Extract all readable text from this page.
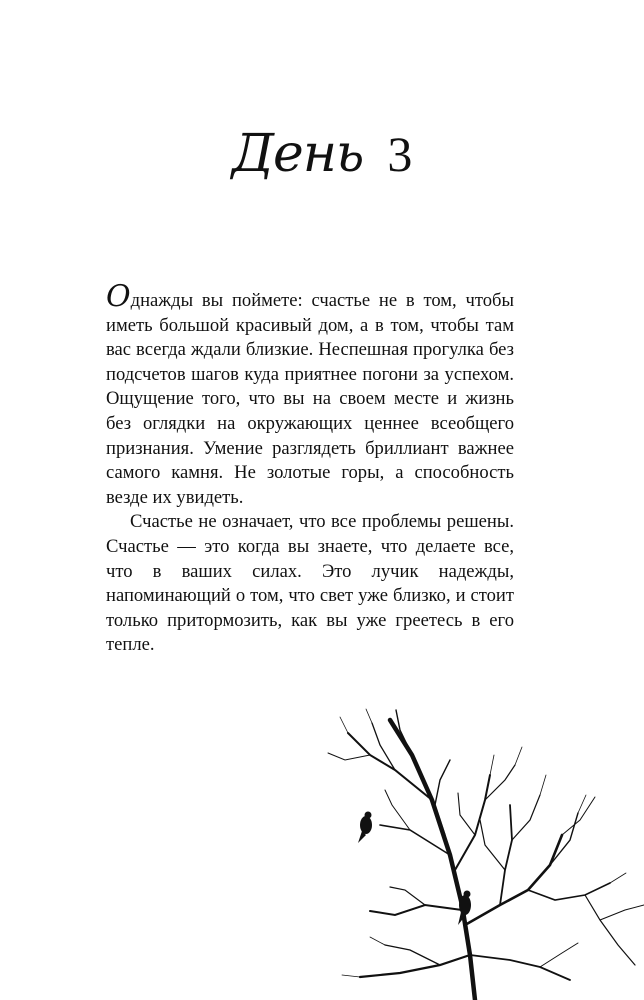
День 3

Однажды вы поймете: счастье не в том, чтобы иметь большой красивый дом, а в том, чтобы там вас всегда ждали близкие. Неспешная прогулка без подсчетов шагов куда приятнее погони за успехом. Ощущение того, что вы на своем месте и жизнь без оглядки на окружающих ценнее всеобщего признания. Умение разглядеть бриллиант важнее самого камня. Не золотые горы, а способность везде их увидеть.

Счастье не означает, что все проблемы решены. Счастье — это когда вы знаете, что делаете все, что в ваших силах. Это лучик надежды, напоминающий о том, что свет уже близко, и стоит только притормозить, как вы уже греетесь в его тепле.
